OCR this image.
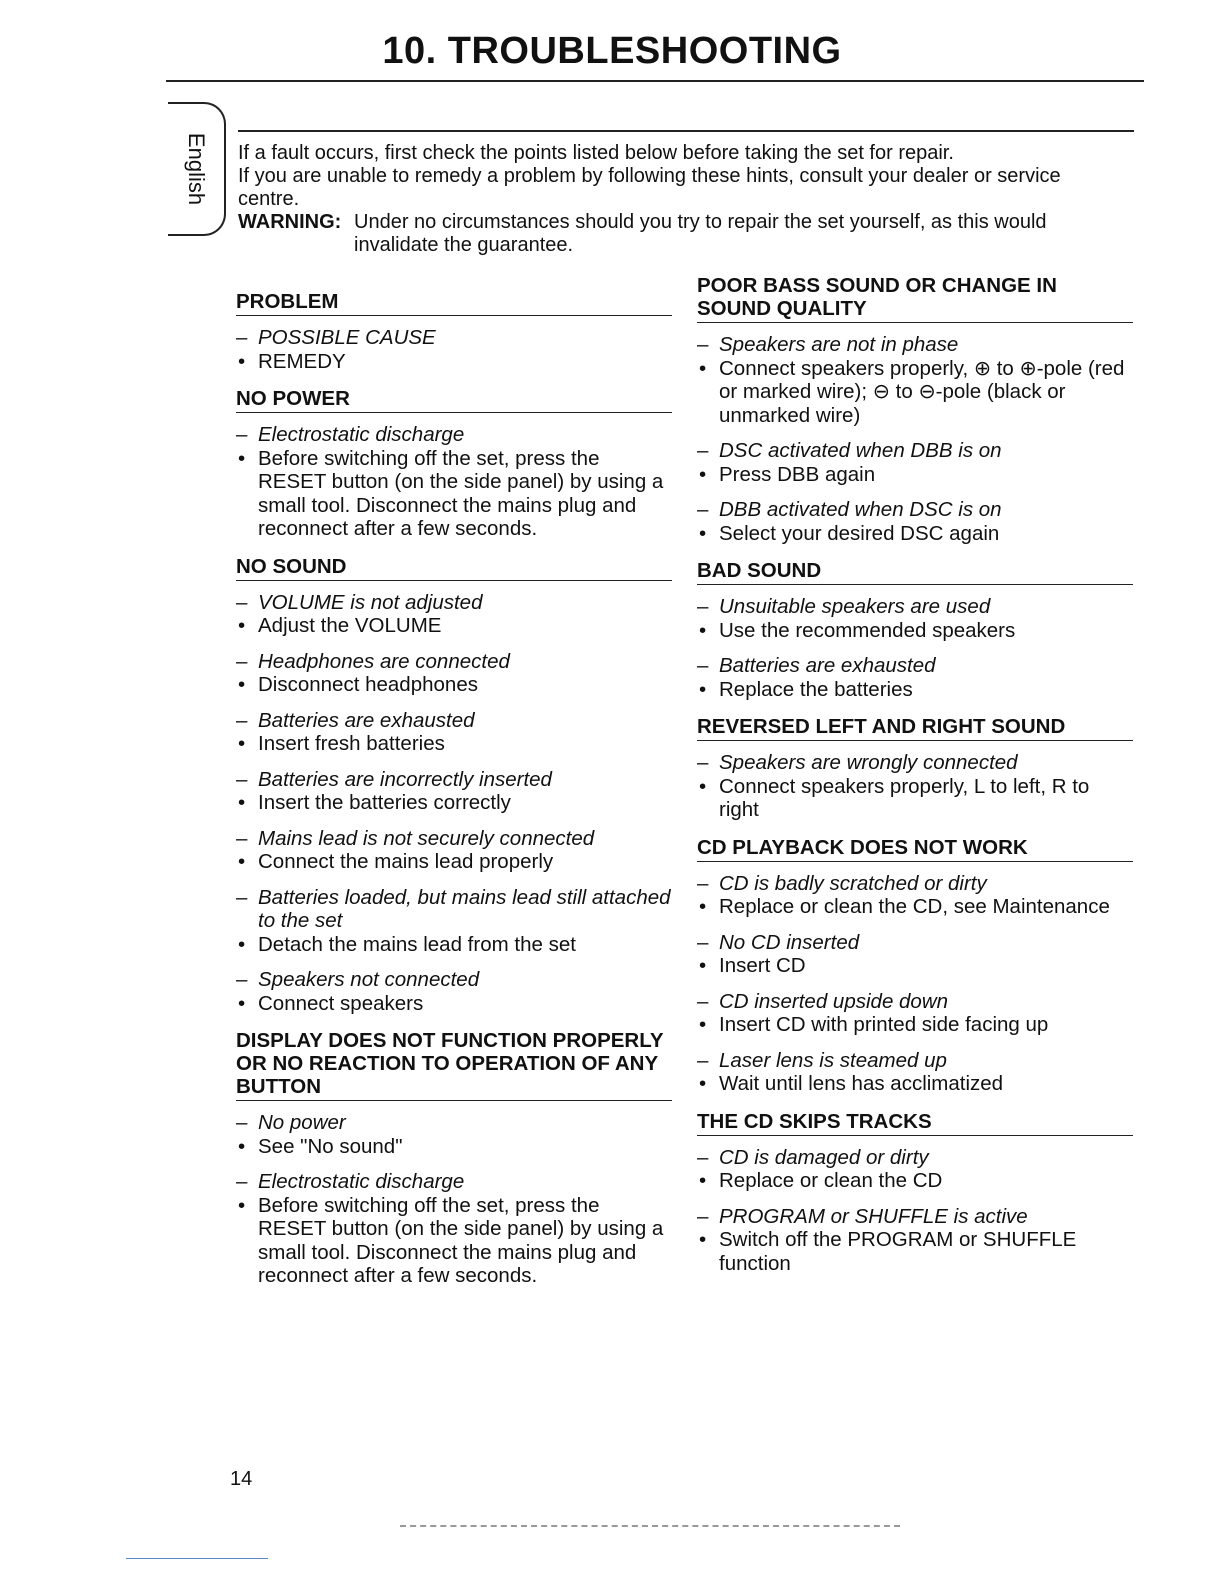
10. TROUBLESHOOTING
English If a fault occurs, first check the points listed below before taking the set for repair.

If you are unable to remedy a problem by following these hints, consult your dealer or service centre.

WARNING: Under no circumstances should you try to repair the set yourself, as this would invalidate the guarantee.

PROBLEM
– POSSIBLE CAUSE
• REMEDY
NO POWER
– Electrostatic discharge
• Before switching off the set, press the RESET button (on the side panel) by using a small tool. Disconnect the mains plug and reconnect after a few seconds.
NO SOUND
– VOLUME is not adjusted
• Adjust the VOLUME
– Headphones are connected
• Disconnect headphones
– Batteries are exhausted
• Insert fresh batteries
– Batteries are incorrectly inserted
• Insert the batteries correctly
– Mains lead is not securely connected
• Connect the mains lead properly
– Batteries loaded, but mains lead still attached to the set
• Detach the mains lead from the set
– Speakers not connected
• Connect speakers
DISPLAY DOES NOT FUNCTION PROPERLY OR NO REACTION TO OPERATION OF ANY BUTTON
– No power
• See "No sound"
– Electrostatic discharge
• Before switching off the set, press the RESET button (on the side panel) by using a small tool. Disconnect the mains plug and reconnect after a few seconds.
POOR BASS SOUND OR CHANGE IN SOUND QUALITY
– Speakers are not in phase
• Connect speakers properly, ⊕ to ⊕-pole (red or marked wire); ⊖ to ⊖-pole (black or unmarked wire)
– DSC activated when DBB is on
• Press DBB again
– DBB activated when DSC is on
• Select your desired DSC again
BAD SOUND
– Unsuitable speakers are used
• Use the recommended speakers
– Batteries are exhausted
• Replace the batteries
REVERSED LEFT AND RIGHT SOUND
– Speakers are wrongly connected
• Connect speakers properly, L to left, R to right
CD PLAYBACK DOES NOT WORK
– CD is badly scratched or dirty
• Replace or clean the CD, see Maintenance
– No CD inserted
• Insert CD
– CD inserted upside down
• Insert CD with printed side facing up
– Laser lens is steamed up
• Wait until lens has acclimatized
THE CD SKIPS TRACKS
– CD is damaged or dirty
• Replace or clean the CD
– PROGRAM or SHUFFLE is active
• Switch off the PROGRAM or SHUFFLE function
14
